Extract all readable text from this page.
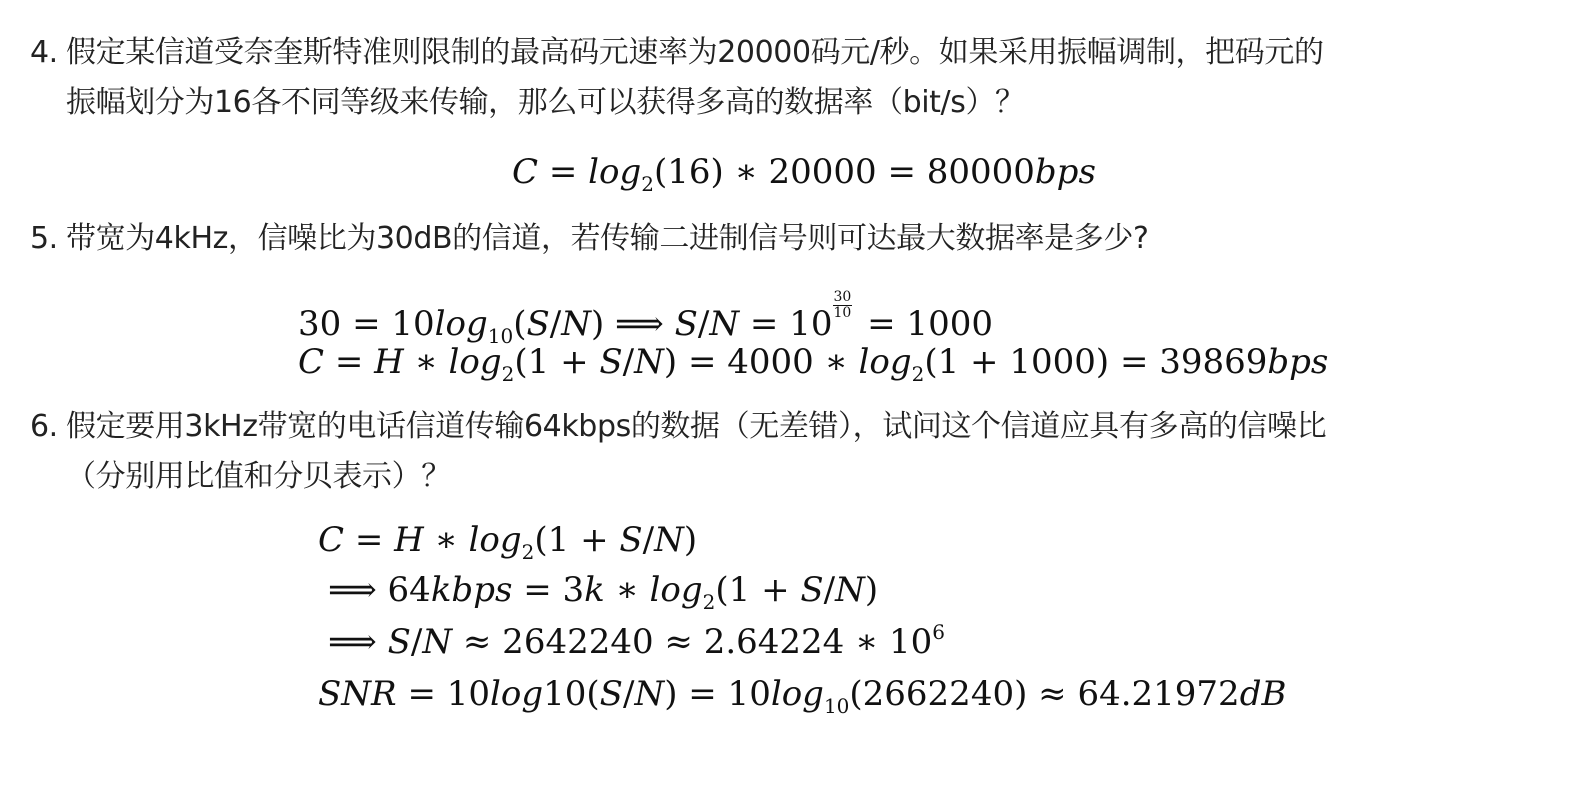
4. 假定某信道受奈奎斯特准则限制的最高码元速率为20000码元/秒。如果采用振幅调制，把码元的
振幅划分为16各不同等级来传输，那么可以获得多高的数据率（bit/s）？
$C = \log_2(16)$ ∗ 20000 = 80000bps
5. 带宽为4kHz，信噪比为30dB的信道，若传输二进制信号则可达最大数据率是多少?
$30 = 10\log_{10}(S/N)$ ⟹ $S/N = 10 \frac{30}{10} = 1000$
C = H ∗ $\log_2(1 + S/N) = 4000$ ∗ $\log_2(1 + 1000) = 39869bps$
6. 假定要用3kHz带宽的电话信道传输64kbps的数据（无差错），试问这个信道应具有多高的信噪比
（分别用比值和分贝表示）？
C = H ∗ $\log_2(1 + S/N)$
⟹ 64kbps = 3k ∗ $\log_2(1 + S/N)$
⟹ S/N ≈ 2642240 ≈ 2.64224 ∗ $10^6$
SNR = $10\log 10(S/N) = 10\log_{10}(2662240) \approx 64.21972dB$
